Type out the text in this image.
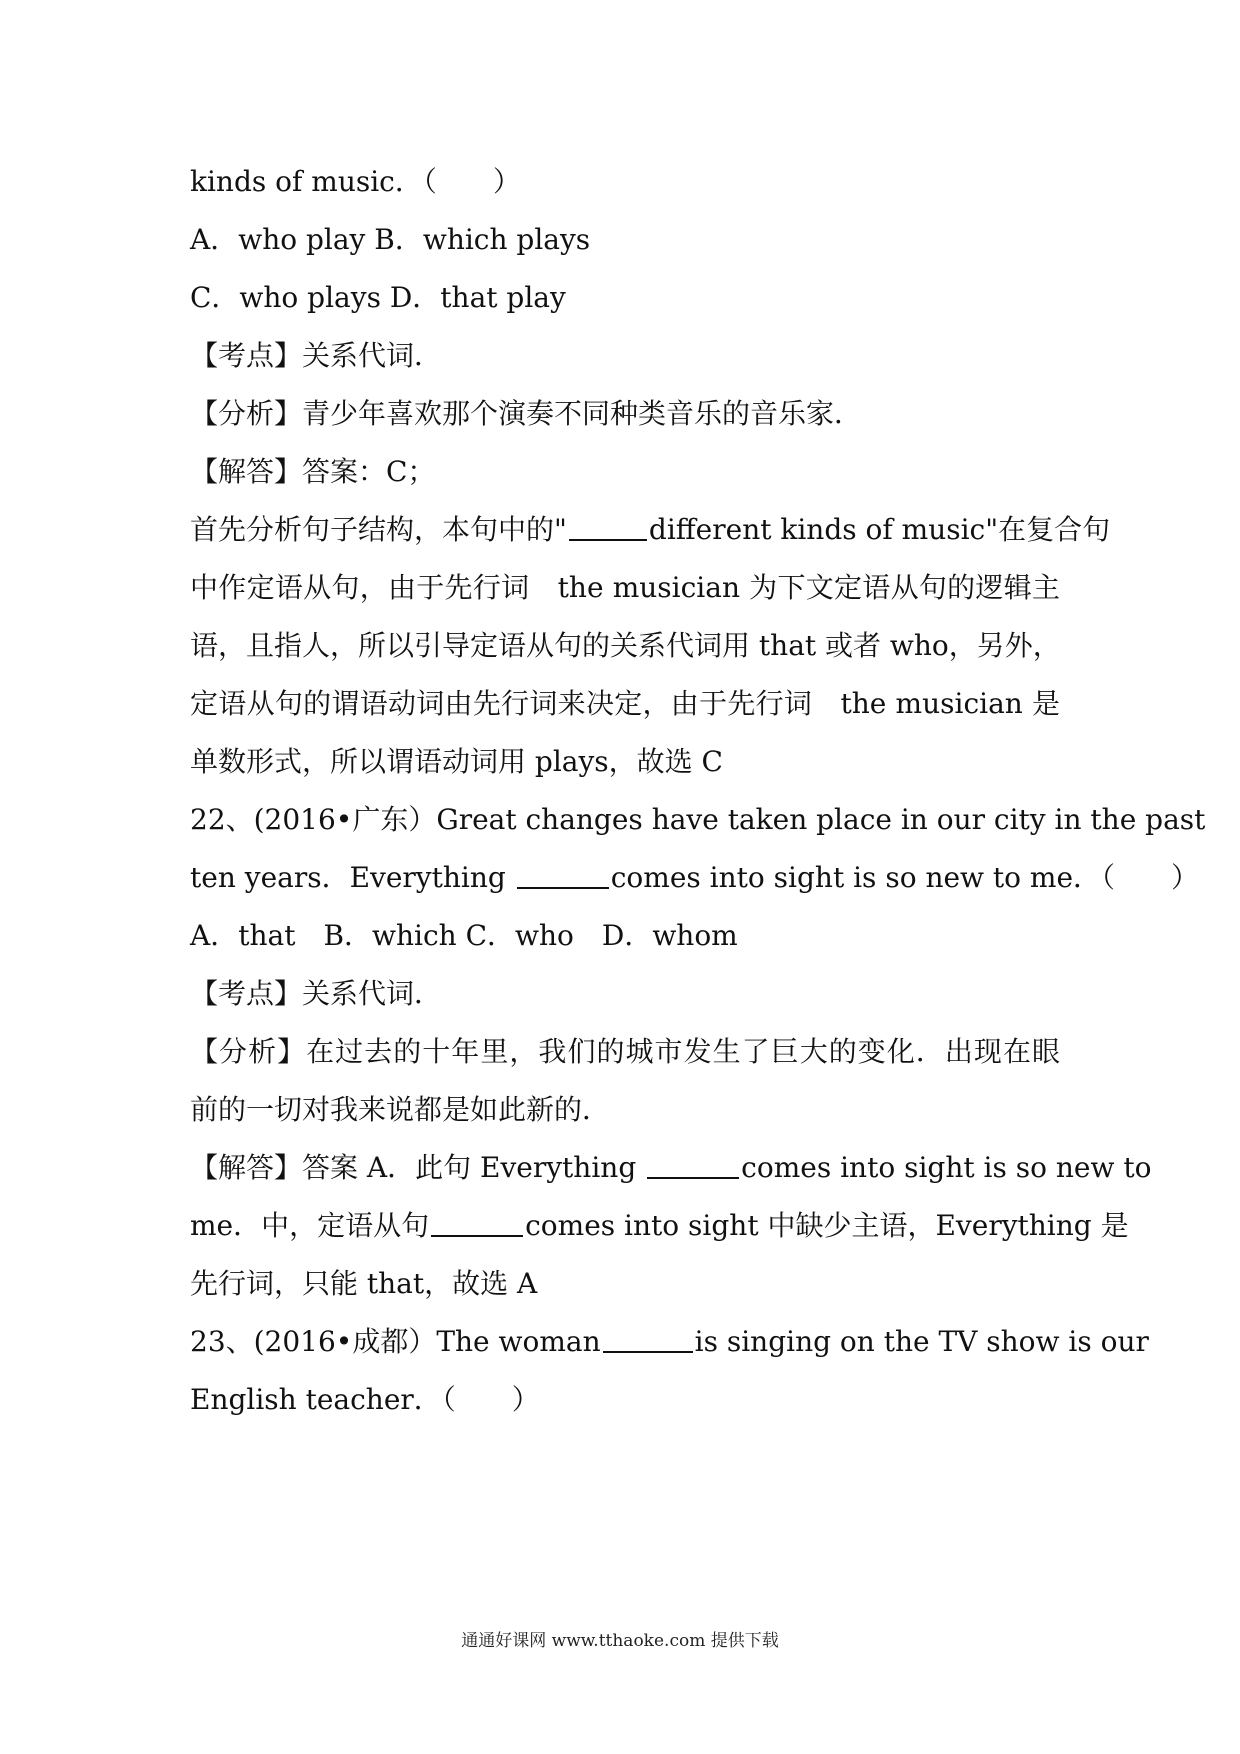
kinds of music．（　　）
A．who play B．which plays
C．who plays D．that play
【考点】关系代词．
【分析】青少年喜欢那个演奏不同种类音乐的音乐家．
【解答】答案：C；
首先分析句子结构，本句中的"	different kinds of music"在复合句
中作定语从句，由于先行词　the musician 为下文定语从句的逻辑主
语，且指人，所以引导定语从句的关系代词用 that 或者 who，另外，
定语从句的谓语动词由先行词来决定，由于先行词　the musician 是
单数形式，所以谓语动词用 plays，故选 C
22、(2016•广东）Great changes have taken place in our city in the past
ten years．Everything	comes into sight is so new to me．（　　）
A．that　B．which C．who　D．whom
【考点】关系代词．
【分析】在过去的十年里，我们的城市发生了巨大的变化．出现在眼
前的一切对我来说都是如此新的．
【解答】答案 A．此句 Everything	comes into sight is so new to
me．中，定语从句	comes into sight 中缺少主语，Everything 是
先行词，只能 that，故选 A
23、(2016•成都）The woman	is singing on the TV show is our
English teacher．（　　）
通通好课网 www.tthaoke.com 提供下载
